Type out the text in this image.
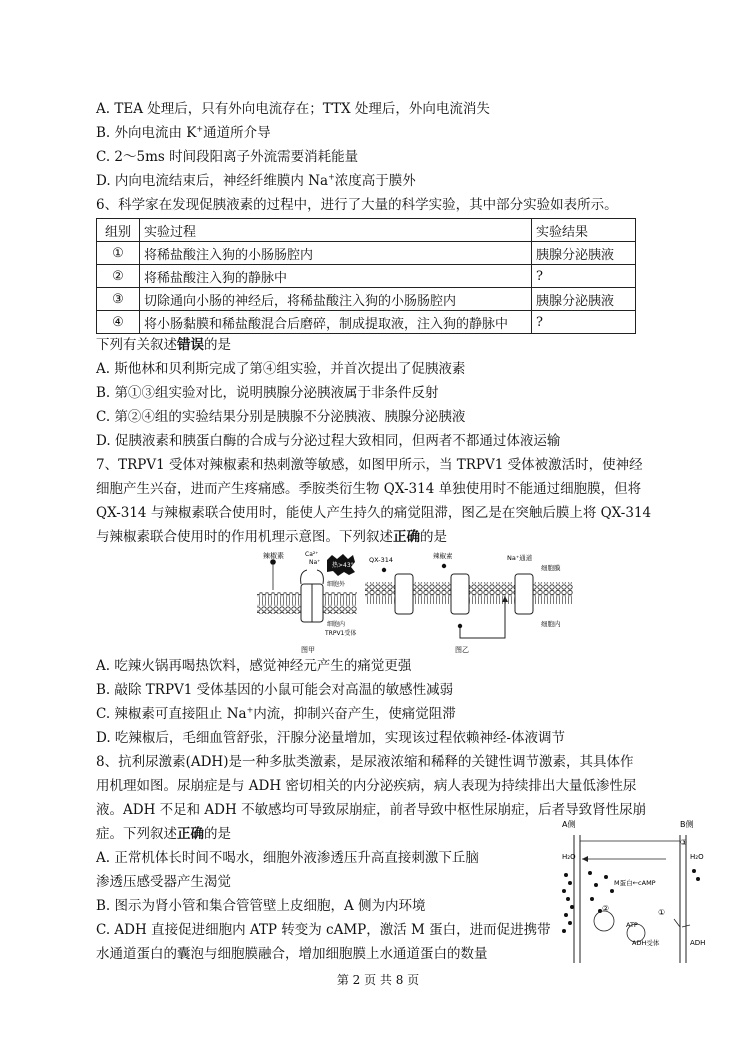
A. TEA 处理后，只有外向电流存在；TTX 处理后，外向电流消失
B. 外向电流由 K+通道所介导
C. 2～5ms 时间段阳离子外流需要消耗能量
D. 内向电流结束后，神经纤维膜内 Na+浓度高于膜外
6、科学家在发现促胰液素的过程中，进行了大量的科学实验，其中部分实验如表所示。
组别	实验过程	实验结果
①	将稀盐酸注入狗的小肠肠腔内	胰腺分泌胰液
②	将稀盐酸注入狗的静脉中	?
③	切除通向小肠的神经后，将稀盐酸注入狗的小肠肠腔内	胰腺分泌胰液
④	将小肠黏膜和稀盐酸混合后磨碎，制成提取液，注入狗的静脉中	?
下列有关叙述错误的是
A. 斯他林和贝利斯完成了第④组实验，并首次提出了促胰液素
B. 第①③组实验对比，说明胰腺分泌胰液属于非条件反射
C. 第②④组的实验结果分别是胰腺不分泌胰液、胰腺分泌胰液
D. 促胰液素和胰蛋白酶的合成与分泌过程大致相同，但两者不都通过体液运输
7、TRPV1 受体对辣椒素和热刺激等敏感，如图甲所示，当 TRPV1 受体被激活时，使神经
细胞产生兴奋，进而产生疼痛感。季胺类衍生物 QX-314 单独使用时不能通过细胞膜，但将
QX-314 与辣椒素联合使用时，能使人产生持久的痛觉阻滞，图乙是在突触后膜上将 QX-314
与辣椒素联合使用时的作用机理示意图。下列叙述正确的是
辣椒素	Ca²⁺
Na⁺ 热>43℃
细胞外
细胞内
TRPV1受体
图甲
QX-314	辣椒素	Na⁺通道
细胞膜
细胞内
图乙
A. 吃辣火锅再喝热饮料，感觉神经元产生的痛觉更强
B. 敲除 TRPV1 受体基因的小鼠可能会对高温的敏感性减弱
C. 辣椒素可直接阻止 Na+内流，抑制兴奋产生，使痛觉阻滞
D. 吃辣椒后，毛细血管舒张，汗腺分泌量增加，实现该过程依赖神经-体液调节
8、抗利尿激素(ADH)是一种多肽类激素，是尿液浓缩和稀释的关键性调节激素，其具体作
用机理如图。尿崩症是与 ADH 密切相关的内分泌疾病，病人表现为持续排出大量低渗性尿
液。ADH 不足和 ADH 不敏感均可导致尿崩症，前者导致中枢性尿崩症，后者导致肾性尿崩
症。下列叙述正确的是
A. 正常机体长时间不喝水，细胞外液渗透压升高直接刺激下丘脑
渗透压感受器产生渴觉
B. 图示为肾小管和集合管管壁上皮细胞，A 侧为内环境
C. ADH 直接促进细胞内 ATP 转变为 cAMP，激活 M 蛋白，进而促进携带
水通道蛋白的囊泡与细胞膜融合，增加细胞膜上水通道蛋白的数量
A侧	B侧
H₂O	H₂O
M蛋白←cAMP
ATP
ADH受体	ADH
①
②
③
第 2 页 共 8 页
